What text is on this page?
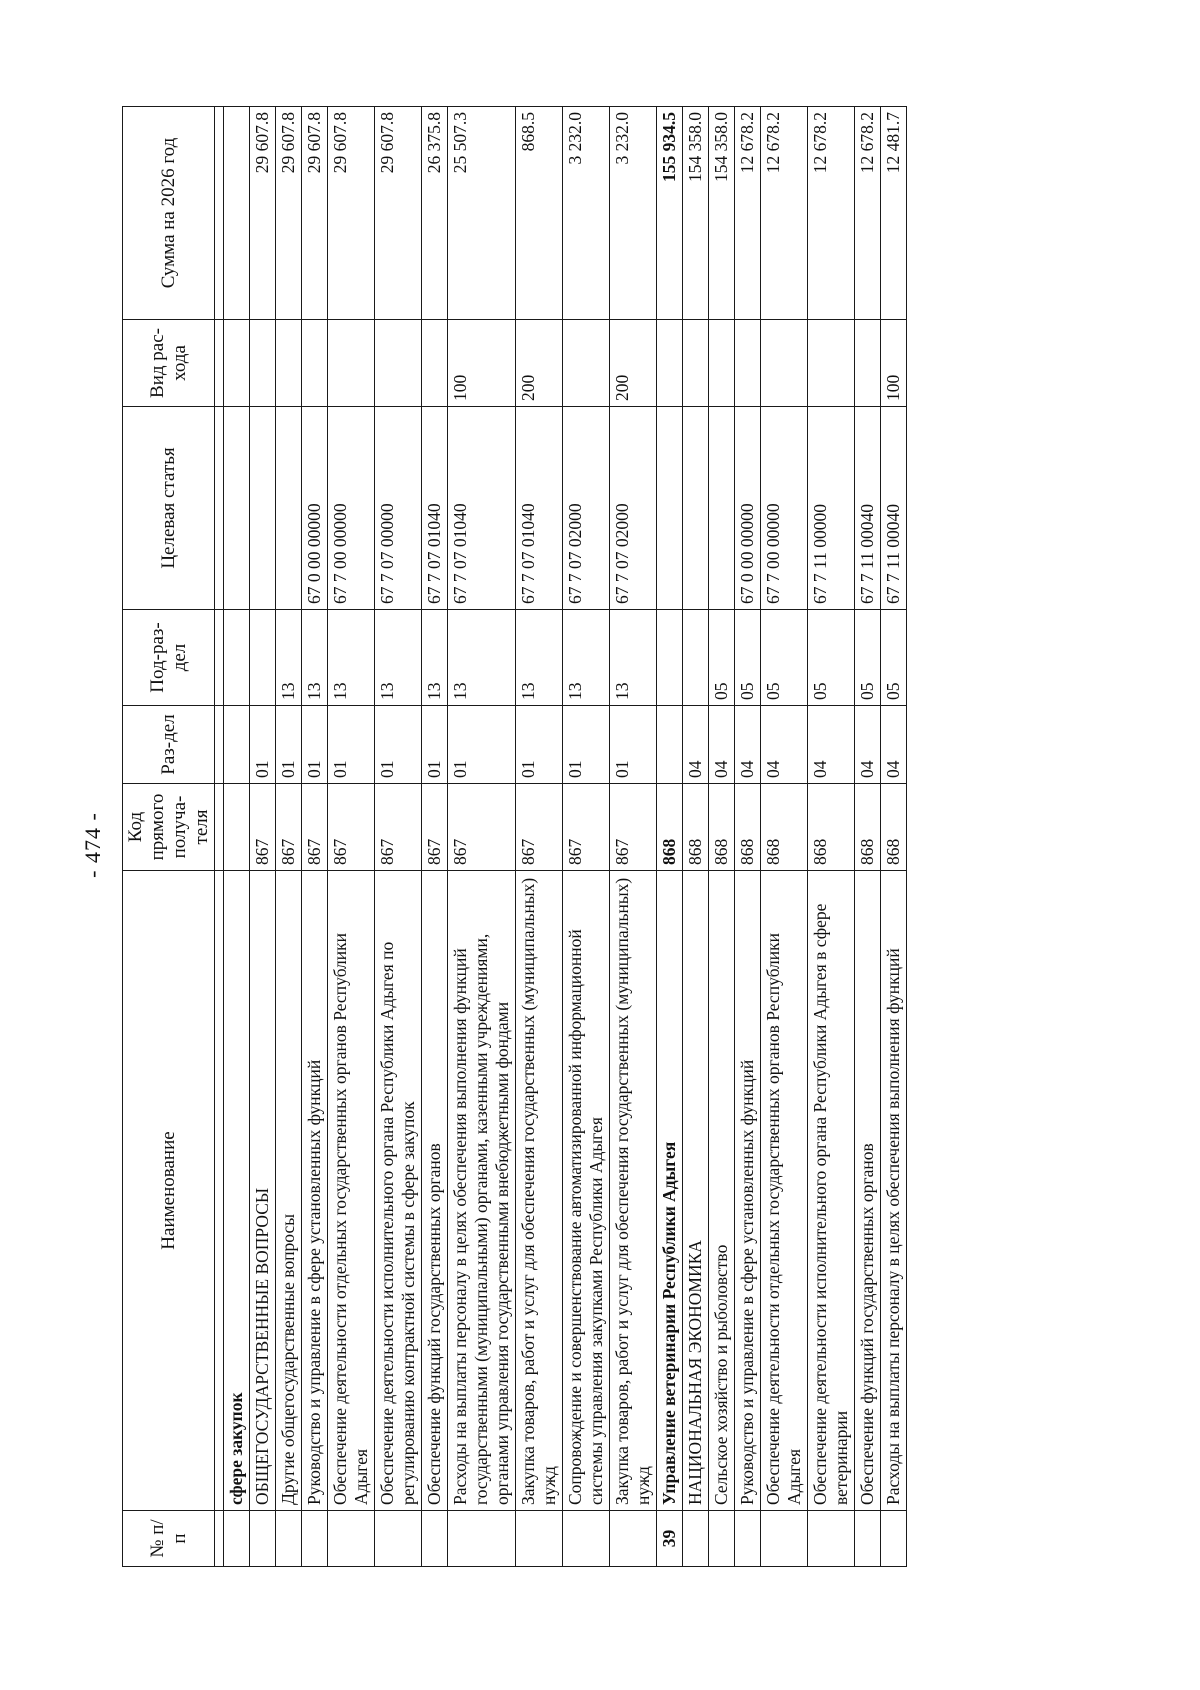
- 474 -
№ п/п	Наименование	Код прямого получа-теля	Раз-дел	Под-раз-дел	Целевая статья	Вид рас-хода	Сумма на 2026 год

	сфере закупок						
	ОБЩЕГОСУДАРСТВЕННЫЕ ВОПРОСЫ	867	01				29 607.8
	Другие общегосударственные вопросы	867	01	13			29 607.8
	Руководство и управление в сфере установленных функций	867	01	13	67 0 00 00000		29 607.8
	Обеспечение деятельности отдельных государственных органов Республики Адыгея	867	01	13	67 7 00 00000		29 607.8
	Обеспечение деятельности исполнительного органа Республики Адыгея по регулированию контрактной системы в сфере закупок	867	01	13	67 7 07 00000		29 607.8
	Обеспечение функций государственных органов	867	01	13	67 7 07 01040		26 375.8
	Расходы на выплаты персоналу в целях обеспечения выполнения функций государственными (муниципальными) органами, казенными учреждениями, органами управления государственными внебюджетными фондами	867	01	13	67 7 07 01040	100	25 507.3
	Закупка товаров, работ и услуг для обеспечения государственных (муниципальных) нужд	867	01	13	67 7 07 01040	200	868.5
	Сопровождение и совершенствование автоматизированной информационной системы управления закупками Республики Адыгея	867	01	13	67 7 07 02000		3 232.0
	Закупка товаров, работ и услуг для обеспечения государственных (муниципальных) нужд	867	01	13	67 7 07 02000	200	3 232.0
39	Управление ветеринарии Республики Адыгея	868					155 934.5
	НАЦИОНАЛЬНАЯ ЭКОНОМИКА	868	04				154 358.0
	Сельское хозяйство и рыболовство	868	04	05			154 358.0
	Руководство и управление в сфере установленных функций	868	04	05	67 0 00 00000		12 678.2
	Обеспечение деятельности отдельных государственных органов Республики Адыгея	868	04	05	67 7 00 00000		12 678.2
	Обеспечение деятельности исполнительного органа Республики Адыгея в сфере ветеринарии	868	04	05	67 7 11 00000		12 678.2
	Обеспечение функций государственных органов	868	04	05	67 7 11 00040		12 678.2
	Расходы на выплаты персоналу в целях обеспечения выполнения функций	868	04	05	67 7 11 00040	100	12 481.7
